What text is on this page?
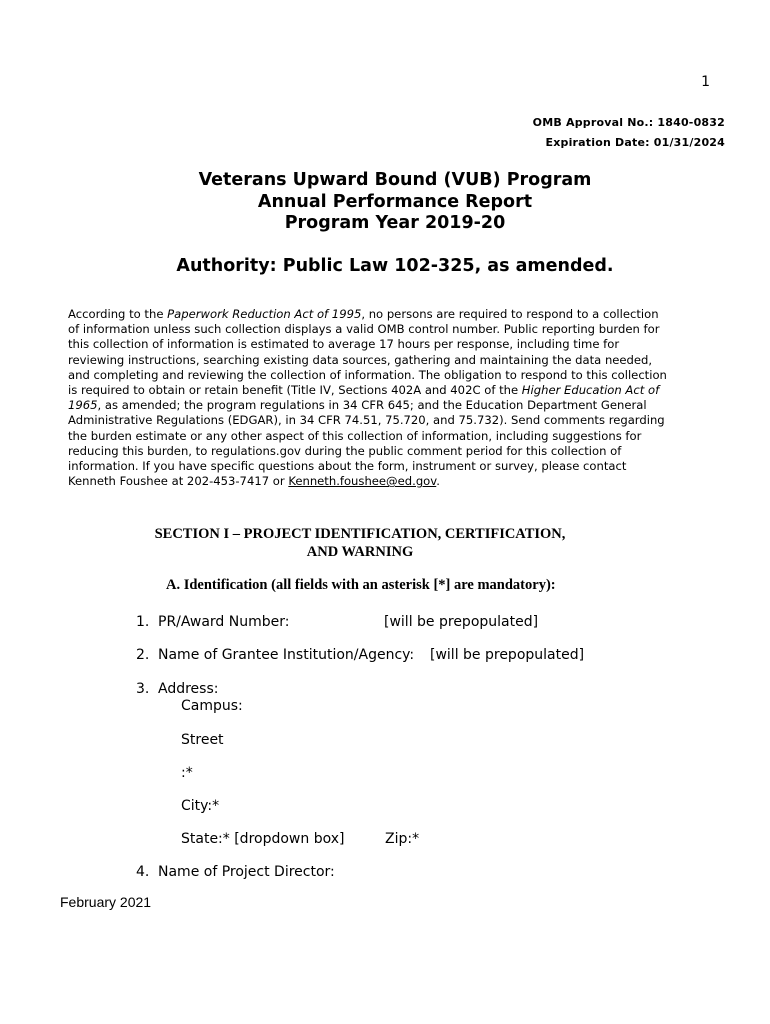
1
OMB Approval No.: 1840-0832
Expiration Date: 01/31/2024
Veterans Upward Bound (VUB) Program
Annual Performance Report
Program Year 2019-20
Authority: Public Law 102-325, as amended.
According to the Paperwork Reduction Act of 1995, no persons are required to respond to a collection
of information unless such collection displays a valid OMB control number. Public reporting burden for
this collection of information is estimated to average 17 hours per response, including time for
reviewing instructions, searching existing data sources, gathering and maintaining the data needed,
and completing and reviewing the collection of information. The obligation to respond to this collection
is required to obtain or retain benefit (Title IV, Sections 402A and 402C of the Higher Education Act of
1965, as amended; the program regulations in 34 CFR 645; and the Education Department General
Administrative Regulations (EDGAR), in 34 CFR 74.51, 75.720, and 75.732). Send comments regarding
the burden estimate or any other aspect of this collection of information, including suggestions for
reducing this burden, to regulations.gov during the public comment period for this collection of
information. If you have specific questions about the form, instrument or survey, please contact
Kenneth Foushee at 202-453-7417 or Kenneth.foushee@ed.gov.
SECTION I – PROJECT IDENTIFICATION, CERTIFICATION,
AND WARNING
A. Identification (all fields with an asterisk [*] are mandatory):
1. PR/Award Number:	[will be prepopulated]
2. Name of Grantee Institution/Agency: [will be prepopulated]
3. Address:
Campus:
Street
:*
City:*
State:* [dropdown box]	Zip:*
4. Name of Project Director:
February 2021
